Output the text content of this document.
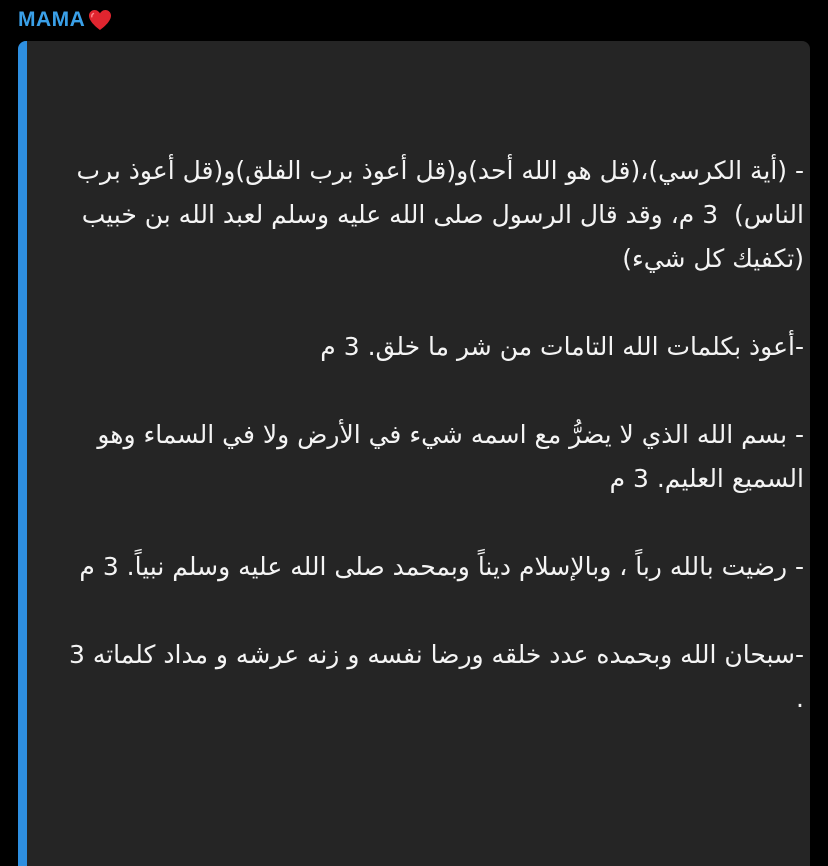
MAMA

- (أية الكرسي)،(قل هو الله أحد)و(قل أعوذ برب الفلق)و(قل أعوذ برب الناس)  3 م، وقد قال الرسول صلى الله عليه وسلم لعبد الله بن خبيب (تكفيك كل شيء)

-أعوذ بكلمات الله التامات من شر ما خلق. 3 م

- بسم الله الذي لا يضرُّ مع اسمه شيء في الأرض ولا في السماء وهو السميع العليم. 3 م

- رضيت بالله رباً ، وبالإسلام ديناً وبمحمد صلى الله عليه وسلم نبياً. 3 م

-سبحان الله وبحمده عدد خلقه ورضا نفسه و زنه عرشه و مداد كلماته 3 .
